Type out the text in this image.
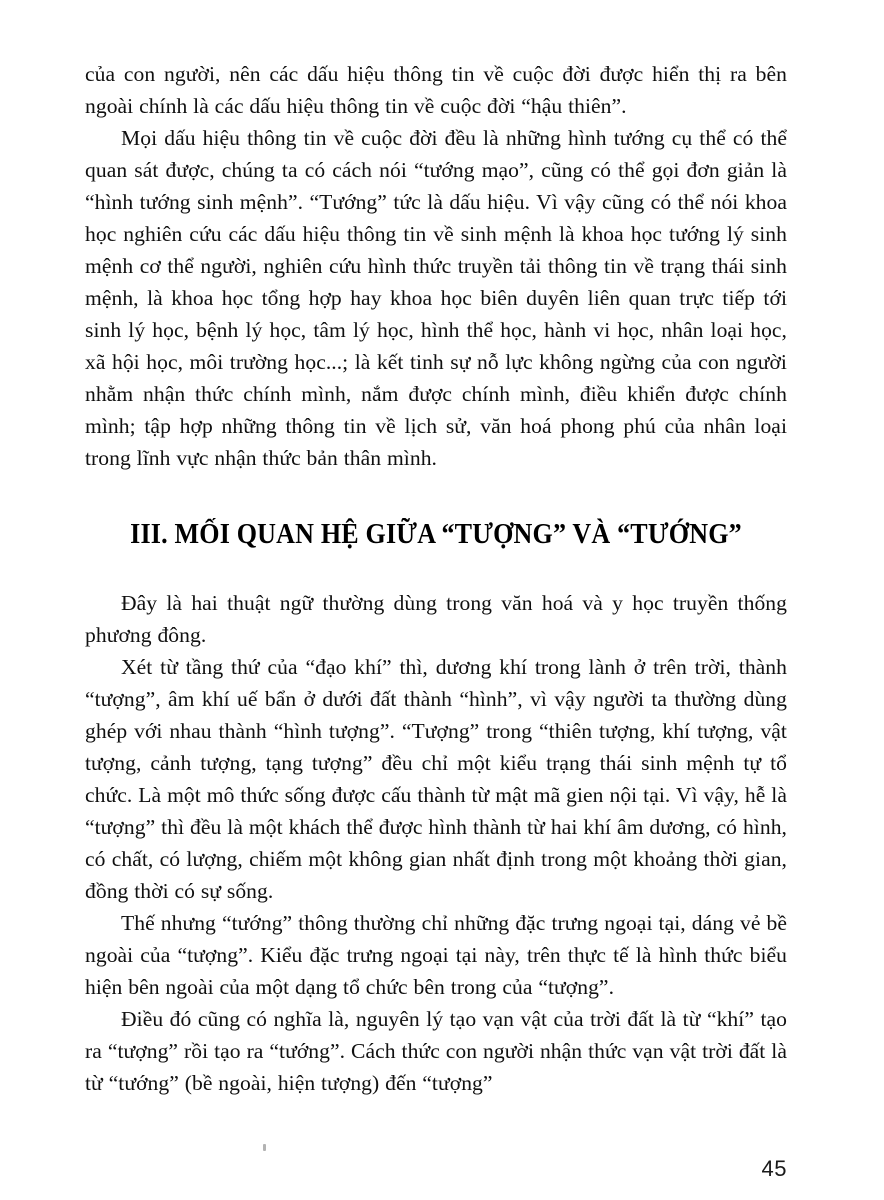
của con người, nên các dấu hiệu thông tin về cuộc đời được hiển thị ra bên ngoài chính là các dấu hiệu thông tin về cuộc đời “hậu thiên”.

Mọi dấu hiệu thông tin về cuộc đời đều là những hình tướng cụ thể có thể quan sát được, chúng ta có cách nói “tướng mạo”, cũng có thể gọi đơn giản là “hình tướng sinh mệnh”. “Tướng” tức là dấu hiệu. Vì vậy cũng có thể nói khoa học nghiên cứu các dấu hiệu thông tin về sinh mệnh là khoa học tướng lý sinh mệnh cơ thể người, nghiên cứu hình thức truyền tải thông tin về trạng thái sinh mệnh, là khoa học tổng hợp hay khoa học biên duyên liên quan trực tiếp tới sinh lý học, bệnh lý học, tâm lý học, hình thể học, hành vi học, nhân loại học, xã hội học, môi trường học...; là kết tinh sự nỗ lực không ngừng của con người nhằm nhận thức chính mình, nắm được chính mình, điều khiển được chính mình; tập hợp những thông tin về lịch sử, văn hoá phong phú của nhân loại trong lĩnh vực nhận thức bản thân mình.

III. MỐI QUAN HỆ GIỮA “TƯỢNG” VÀ “TƯỚNG”

Đây là hai thuật ngữ thường dùng trong văn hoá và y học truyền thống phương đông.

Xét từ tầng thứ của “đạo khí” thì, dương khí trong lành ở trên trời, thành “tượng”, âm khí uế bẩn ở dưới đất thành “hình”, vì vậy người ta thường dùng ghép với nhau thành “hình tượng”. “Tượng” trong “thiên tượng, khí tượng, vật tượng, cảnh tượng, tạng tượng” đều chỉ một kiểu trạng thái sinh mệnh tự tổ chức. Là một mô thức sống được cấu thành từ mật mã gien nội tại. Vì vậy, hễ là “tượng” thì đều là một khách thể được hình thành từ hai khí âm dương, có hình, có chất, có lượng, chiếm một không gian nhất định trong một khoảng thời gian, đồng thời có sự sống.

Thế nhưng “tướng” thông thường chỉ những đặc trưng ngoại tại, dáng vẻ bề ngoài của “tượng”. Kiểu đặc trưng ngoại tại này, trên thực tế là hình thức biểu hiện bên ngoài của một dạng tổ chức bên trong của “tượng”.

Điều đó cũng có nghĩa là, nguyên lý tạo vạn vật của trời đất là từ “khí” tạo ra “tượng” rồi tạo ra “tướng”. Cách thức con người nhận thức vạn vật trời đất là từ “tướng” (bề ngoài, hiện tượng) đến “tượng”

45
